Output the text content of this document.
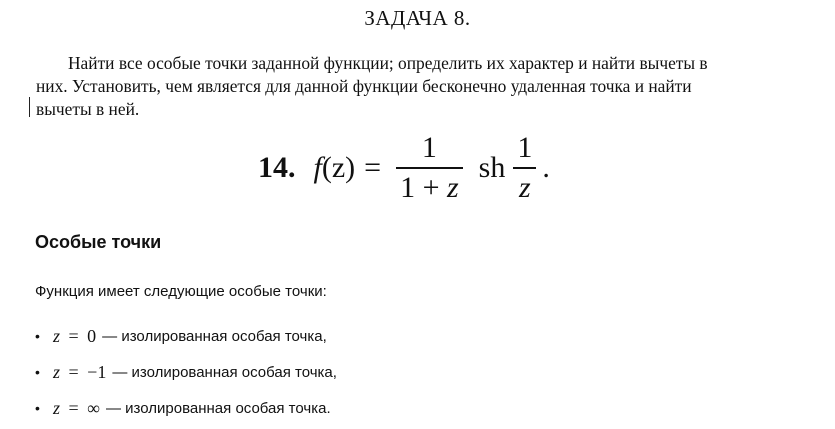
ЗАДАЧА 8.
Найти все особые точки заданной функции; определить их характер и найти вычеты в
них. Установить, чем является для данной функции бесконечно удаленная точка и найти
вычеты в ней.
14. f $(z) = \frac{1}{1 + z}$ sh $\frac{1}{z}$ .
Особые точки
Функция имеет следующие особые точки:
• z = 0 — изолированная особая точка,
• z = −1 — изолированная особая точка,
• z = ∞ — изолированная особая точка.
